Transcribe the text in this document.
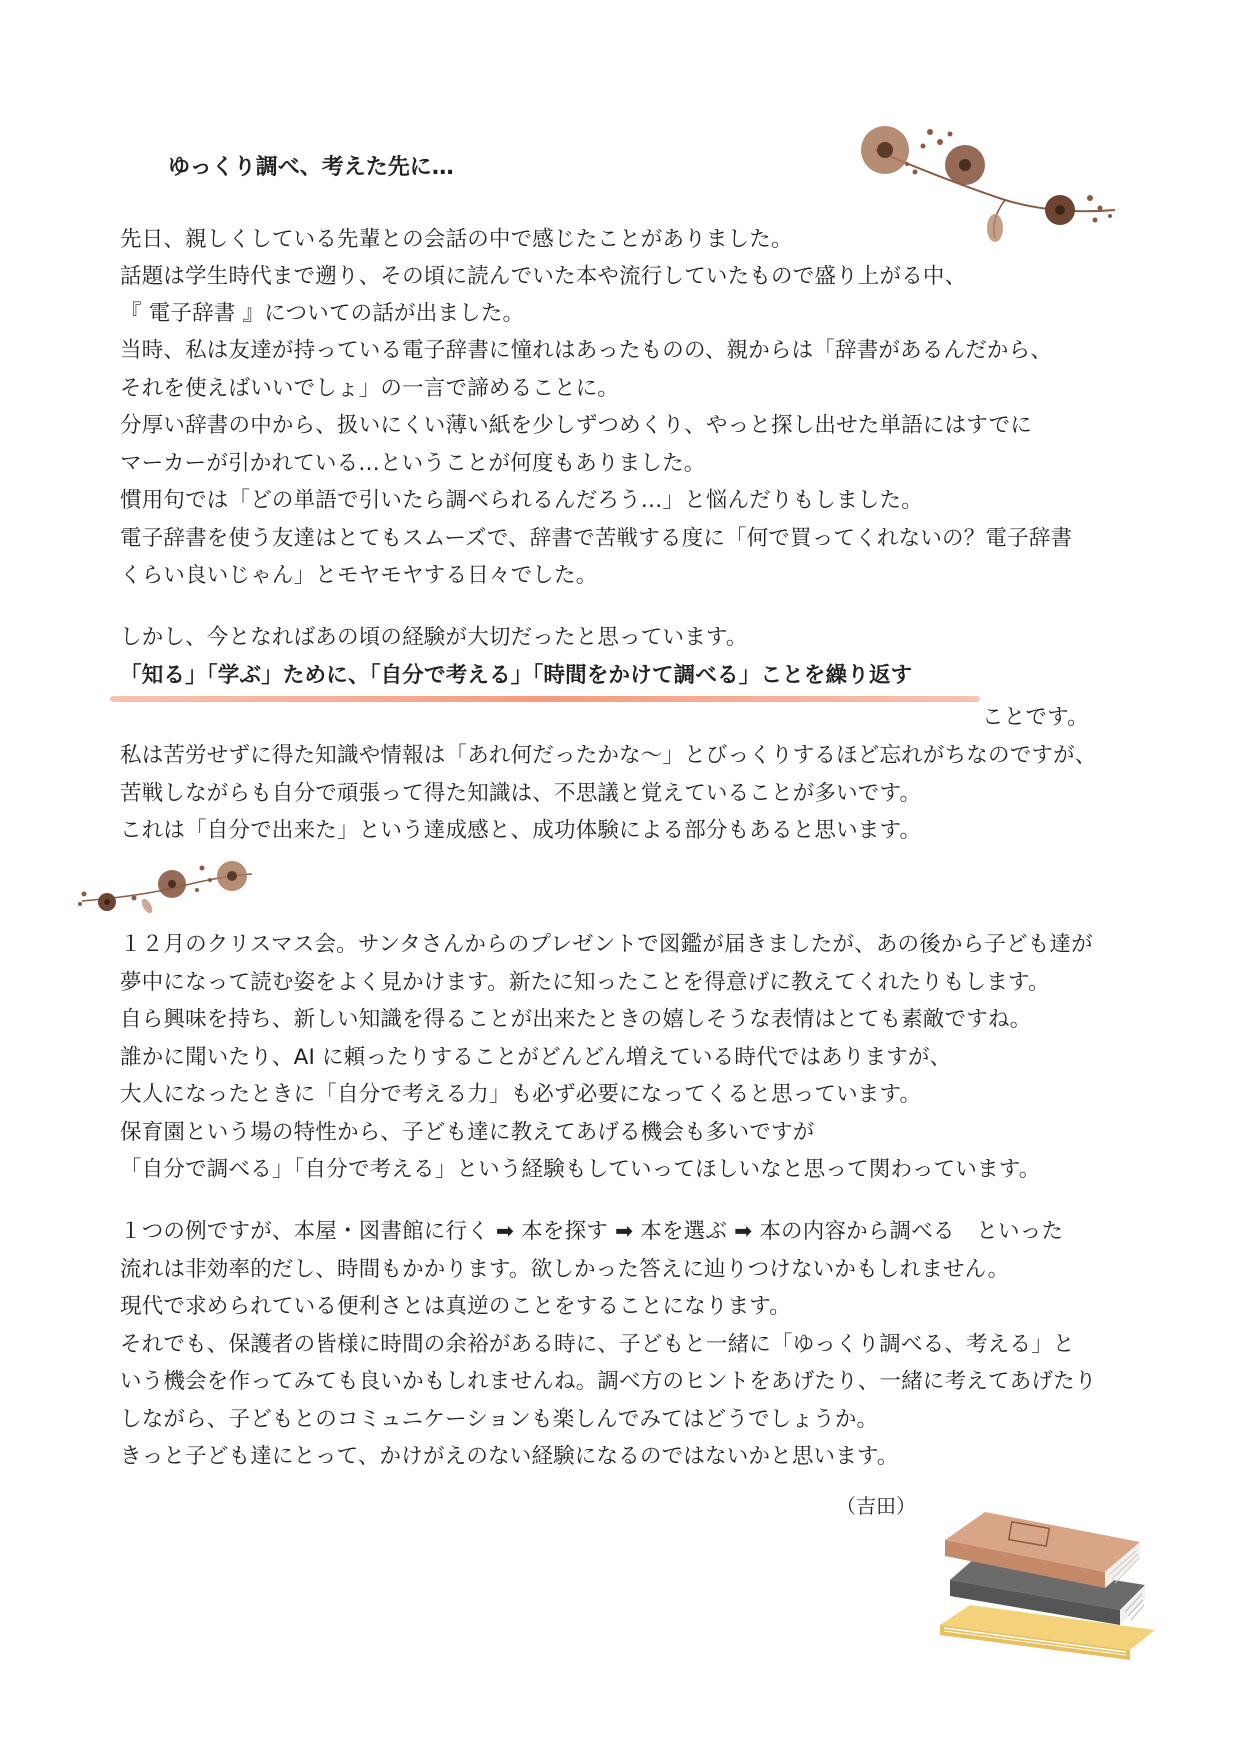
ゆっくり調べ、考えた先に…
先日、親しくしている先輩との会話の中で感じたことがありました。
話題は学生時代まで遡り、その頃に読んでいた本や流行していたもので盛り上がる中、
『 電子辞書 』についての話が出ました。
当時、私は友達が持っている電子辞書に憧れはあったものの、親からは「辞書があるんだから、
それを使えばいいでしょ」の一言で諦めることに。
分厚い辞書の中から、扱いにくい薄い紙を少しずつめくり、やっと探し出せた単語にはすでに
マーカーが引かれている…ということが何度もありました。
慣用句では「どの単語で引いたら調べられるんだろう…」と悩んだりもしました。
電子辞書を使う友達はとてもスムーズで、辞書で苦戦する度に「何で買ってくれないの？電子辞書
くらい良いじゃん」とモヤモヤする日々でした。
しかし、今となればあの頃の経験が大切だったと思っています。
「知る」「学ぶ」ために、「自分で考える」「時間をかけて調べる」ことを繰り返す
ことです。
私は苦労せずに得た知識や情報は「あれ何だったかな～」とびっくりするほど忘れがちなのですが、
苦戦しながらも自分で頑張って得た知識は、不思議と覚えていることが多いです。
これは「自分で出来た」という達成感と、成功体験による部分もあると思います。
１２月のクリスマス会。サンタさんからのプレゼントで図鑑が届きましたが、あの後から子ども達が
夢中になって読む姿をよく見かけます。新たに知ったことを得意げに教えてくれたりもします。
自ら興味を持ち、新しい知識を得ることが出来たときの嬉しそうな表情はとても素敵ですね。
誰かに聞いたり、AI に頼ったりすることがどんどん増えている時代ではありますが、
大人になったときに「自分で考える力」も必ず必要になってくると思っています。
保育園という場の特性から、子ども達に教えてあげる機会も多いですが
「自分で調べる」「自分で考える」という経験もしていってほしいなと思って関わっています。
１つの例ですが、本屋・図書館に行く ➡ 本を探す ➡ 本を選ぶ ➡ 本の内容から調べる　といった
流れは非効率的だし、時間もかかります。欲しかった答えに辿りつけないかもしれません。
現代で求められている便利さとは真逆のことをすることになります。
それでも、保護者の皆様に時間の余裕がある時に、子どもと一緒に「ゆっくり調べる、考える」と
いう機会を作ってみても良いかもしれませんね。調べ方のヒントをあげたり、一緒に考えてあげたり
しながら、子どもとのコミュニケーションも楽しんでみてはどうでしょうか。
きっと子ども達にとって、かけがえのない経験になるのではないかと思います。
（吉田）
